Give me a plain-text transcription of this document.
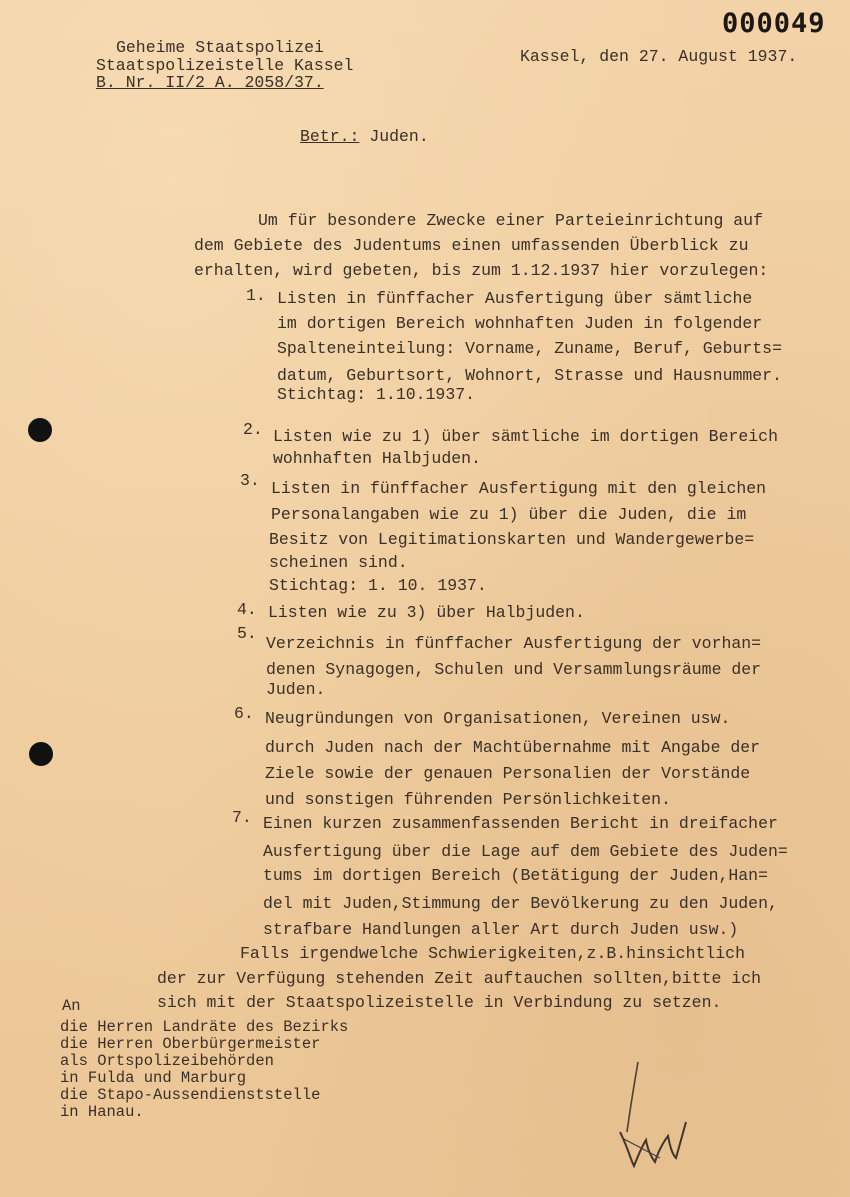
000049
Geheime Staatspolizei
Staatspolizeistelle Kassel
B. Nr. II/2 A. 2058/37.
Kassel, den 27. August 1937.
Betr.: Juden.
Um für besondere Zwecke einer Parteieinrichtung auf
dem Gebiete des Judentums einen umfassenden Überblick zu
erhalten, wird gebeten, bis zum 1.12.1937 hier vorzulegen:
1. Listen in fünffacher Ausfertigung über sämtliche
im dortigen Bereich wohnhaften Juden in folgender
Spalteneinteilung: Vorname, Zuname, Beruf, Geburts=
datum, Geburtsort, Wohnort, Strasse und Hausnummer.
Stichtag: 1.10.1937.
2. Listen wie zu 1) über sämtliche im dortigen Bereich
wohnhaften Halbjuden.
3. Listen in fünffacher Ausfertigung mit den gleichen
Personalangaben wie zu 1) über die Juden, die im
Besitz von Legitimationskarten und Wandergewerbe=
scheinen sind.
Stichtag: 1. 10. 1937.
4. Listen wie zu 3) über Halbjuden.
5.
Verzeichnis in fünffacher Ausfertigung der vorhan=
denen Synagogen, Schulen und Versammlungsräume der
Juden.
6. Neugründungen von Organisationen, Vereinen usw.
durch Juden nach der Machtübernahme mit Angabe der
Ziele sowie der genauen Personalien der Vorstände
und sonstigen führenden Persönlichkeiten.
7. Einen kurzen zusammenfassenden Bericht in dreifacher
Ausfertigung über die Lage auf dem Gebiete des Juden=
tums im dortigen Bereich (Betätigung der Juden,Han=
del mit Juden,Stimmung der Bevölkerung zu den Juden,
strafbare Handlungen aller Art durch Juden usw.)
Falls irgendwelche Schwierigkeiten,z.B.hinsichtlich
der zur Verfügung stehenden Zeit auftauchen sollten,bitte ich
sich mit der Staatspolizeistelle in Verbindung zu setzen.
An
die Herren Landräte des Bezirks
die Herren Oberbürgermeister
als Ortspolizeibehörden
in Fulda und Marburg
die Stapo-Aussendienststelle
in Hanau.
